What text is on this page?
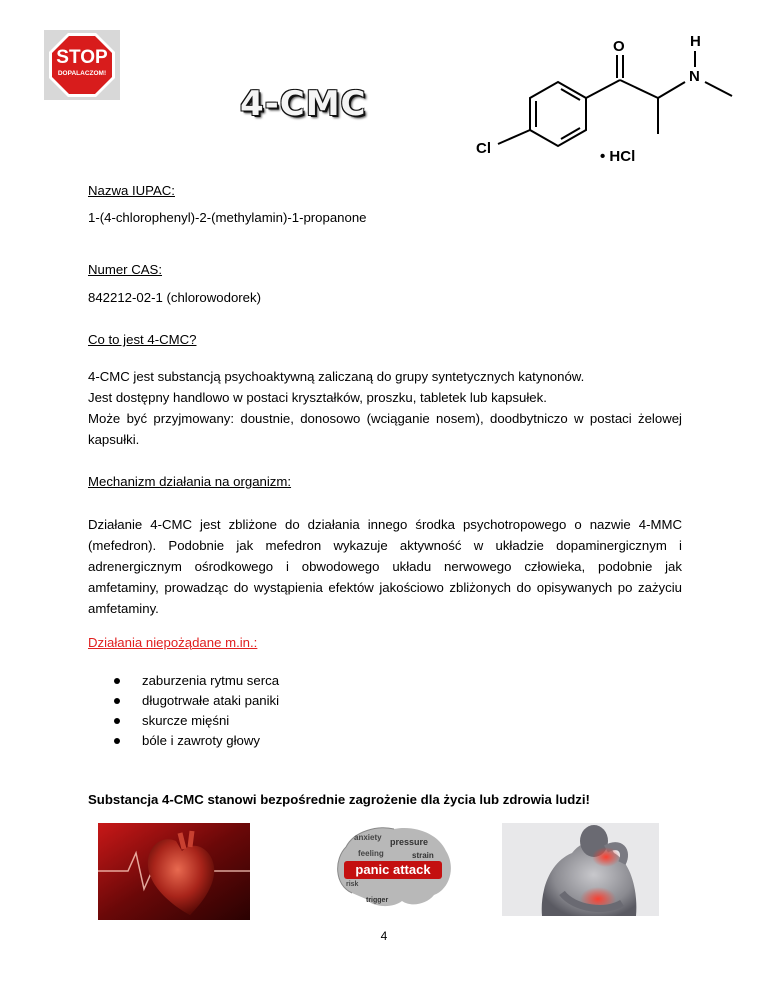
STOP
DOPALACZOM!
4-CMC
O	H
N
Cl	• HCl
Nazwa IUPAC:
1-(4-chlorophenyl)-2-(methylamin)-1-propanone
Numer CAS:
842212-02-1 (chlorowodorek)
Co to jest 4-CMC?

4-CMC jest substancją psychoaktywną zaliczaną do grupy syntetycznych katynonów.

Jest dostępny handlowo w postaci kryształków, proszku, tabletek lub kapsułek.

Może być przyjmowany: doustnie, donosowo (wciąganie nosem), doodbytniczo w postaci żelowej kapsułki.

Mechanizm działania na organizm:

Działanie 4-CMC jest zbliżone do działania innego środka psychotropowego o nazwie 4-MMC (mefedron). Podobnie jak mefedron wykazuje aktywność w układzie dopaminergicznym i adrenergicznym ośrodkowego i obwodowego układu nerwowego człowieka, podobnie jak amfetaminy, prowadząc do wystąpienia efektów jakościowo zbliżonych do opisywanych po zażyciu amfetaminy.

Działania niepożądane m.in.:
zaburzenia rytmu serca
długotrwałe ataki paniki
skurcze mięśni
bóle i zawroty głowy
Substancja 4-CMC stanowi bezpośrednie zagrożenie dla życia lub zdrowia ludzi!
anxiety pressure
feeling	strain
panic attack
risk
trigger
4
